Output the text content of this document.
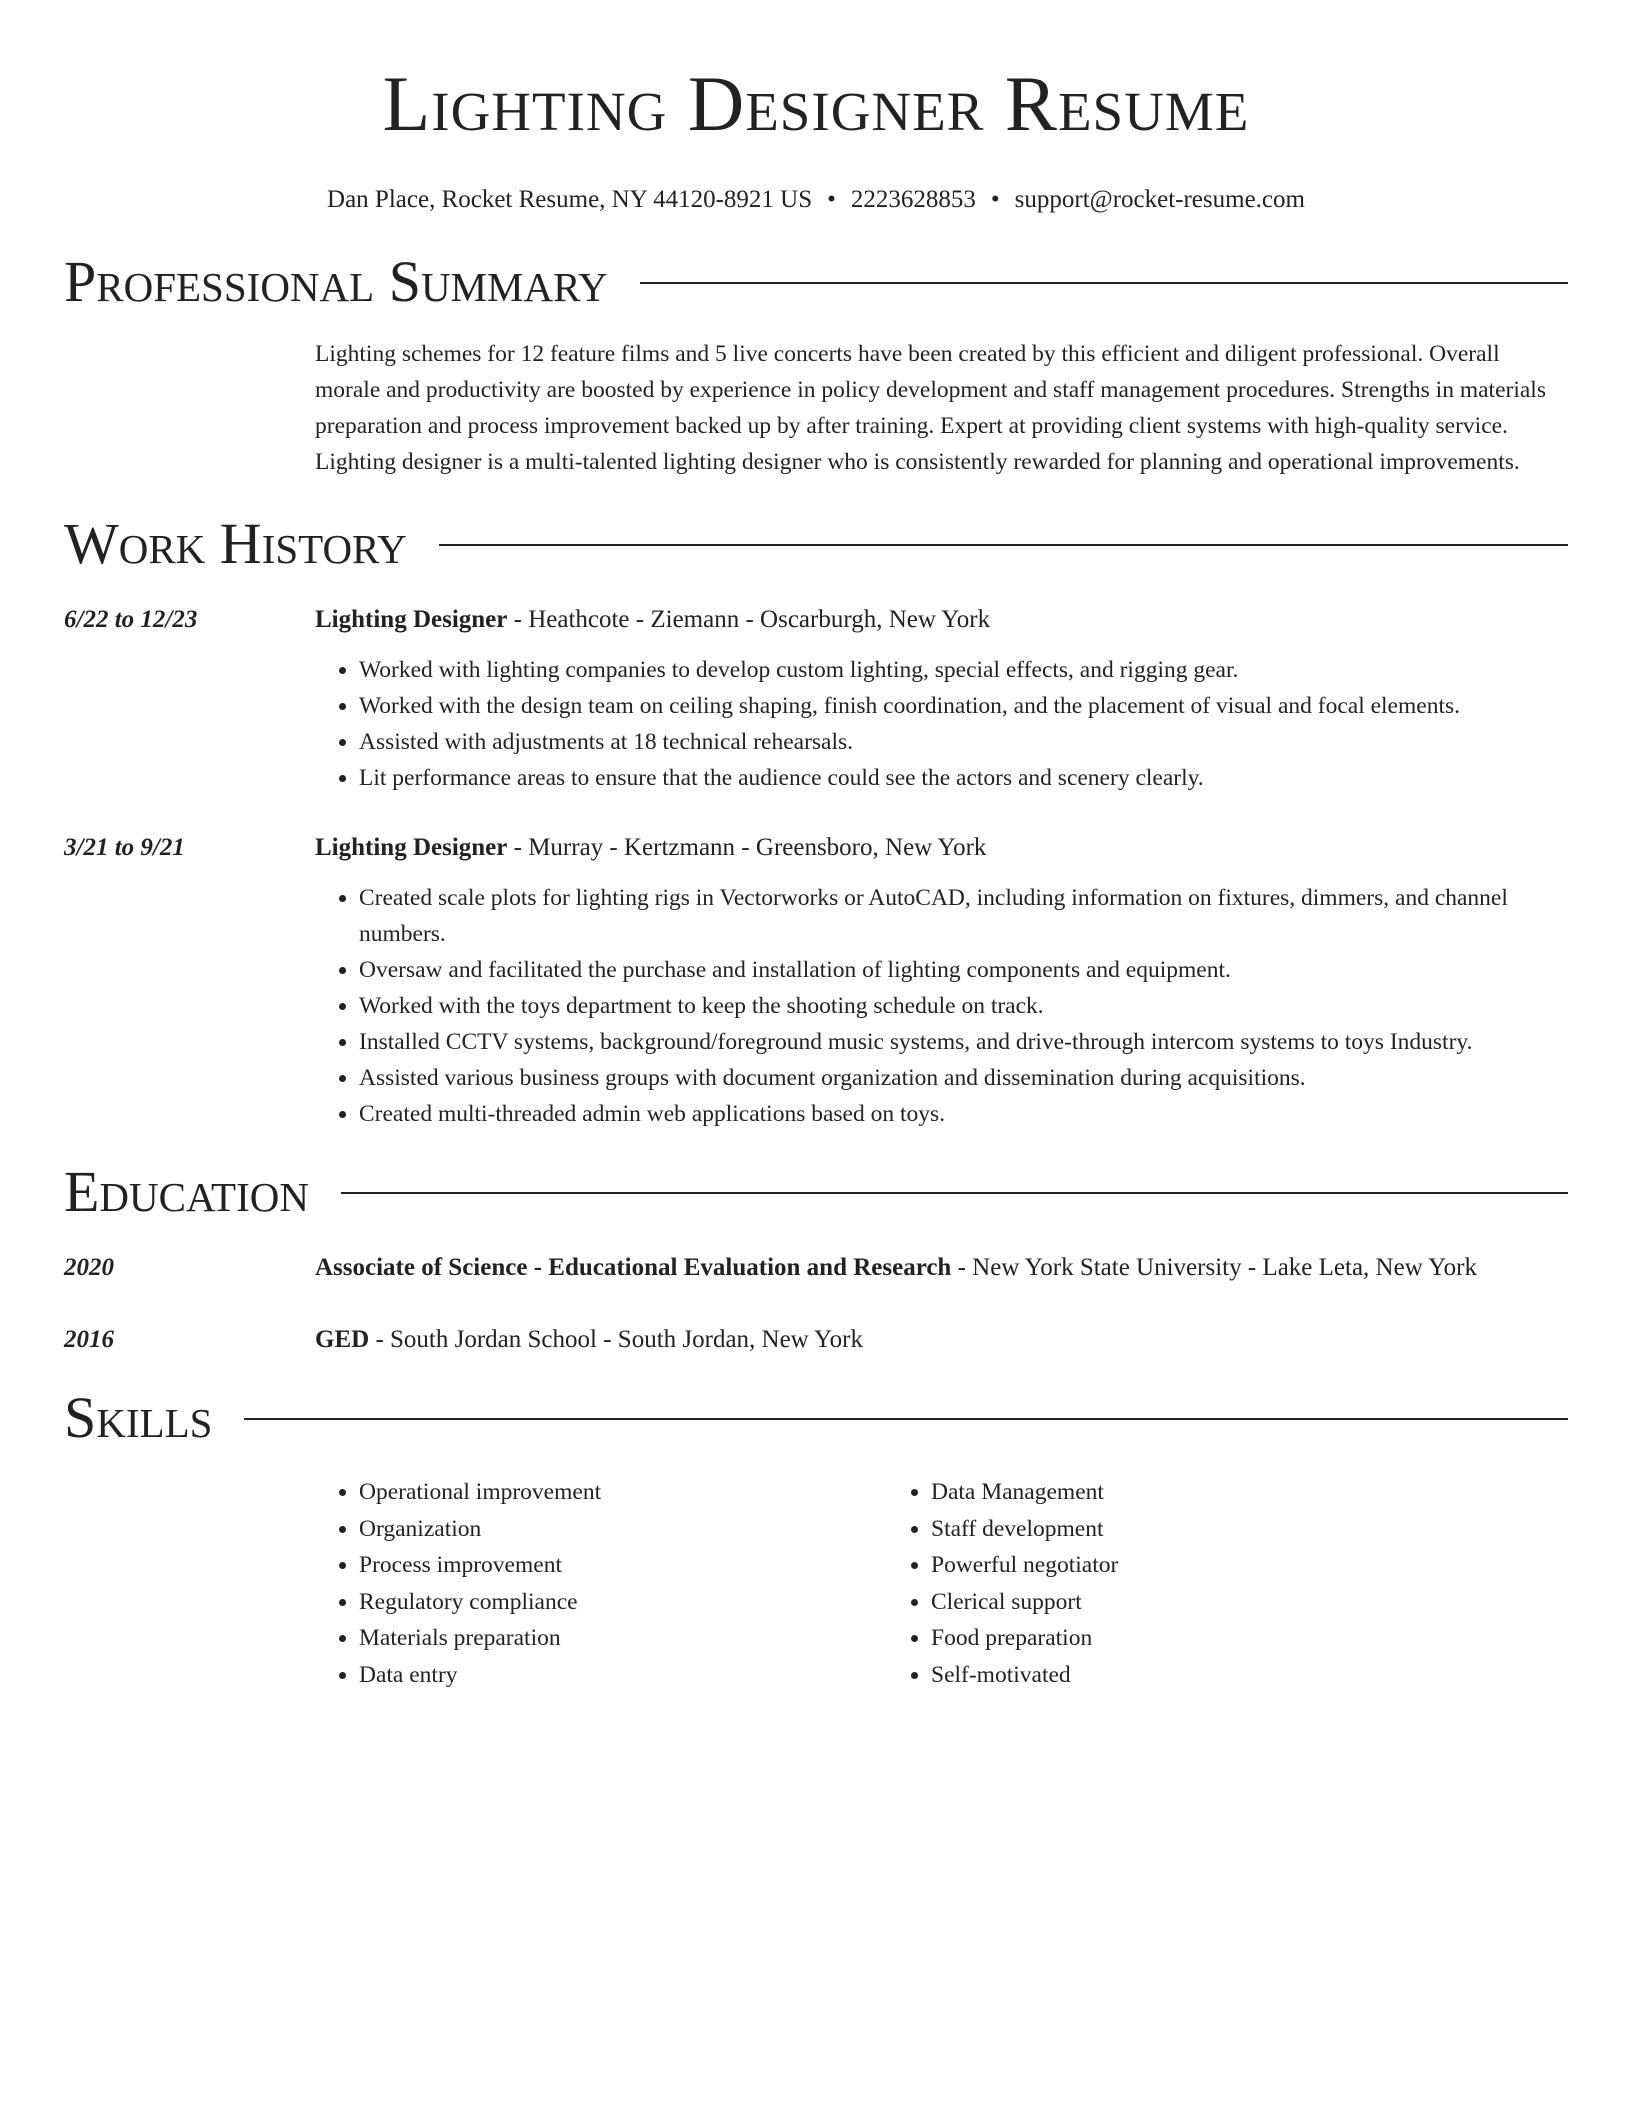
Lighting Designer Resume
Dan Place, Rocket Resume, NY 44120-8921 US • 2223628853 • support@rocket-resume.com
Professional Summary
Lighting schemes for 12 feature films and 5 live concerts have been created by this efficient and diligent professional. Overall morale and productivity are boosted by experience in policy development and staff management procedures. Strengths in materials preparation and process improvement backed up by after training. Expert at providing client systems with high-quality service. Lighting designer is a multi-talented lighting designer who is consistently rewarded for planning and operational improvements.
Work History
6/22 to 12/23	Lighting Designer - Heathcote - Ziemann - Oscarburgh, New York
• Worked with lighting companies to develop custom lighting, special effects, and rigging gear.
• Worked with the design team on ceiling shaping, finish coordination, and the placement of visual and focal elements.
• Assisted with adjustments at 18 technical rehearsals.
• Lit performance areas to ensure that the audience could see the actors and scenery clearly.
3/21 to 9/21	Lighting Designer - Murray - Kertzmann - Greensboro, New York
• Created scale plots for lighting rigs in Vectorworks or AutoCAD, including information on fixtures, dimmers, and channel numbers.
• Oversaw and facilitated the purchase and installation of lighting components and equipment.
• Worked with the toys department to keep the shooting schedule on track.
• Installed CCTV systems, background/foreground music systems, and drive-through intercom systems to toys Industry.
• Assisted various business groups with document organization and dissemination during acquisitions.
• Created multi-threaded admin web applications based on toys.
Education
2020	Associate of Science - Educational Evaluation and Research - New York State University - Lake Leta, New York
2016	GED - South Jordan School - South Jordan, New York
Skills
• Operational improvement
• Organization
• Process improvement
• Regulatory compliance
• Materials preparation
• Data entry
• Data Management
• Staff development
• Powerful negotiator
• Clerical support
• Food preparation
• Self-motivated
